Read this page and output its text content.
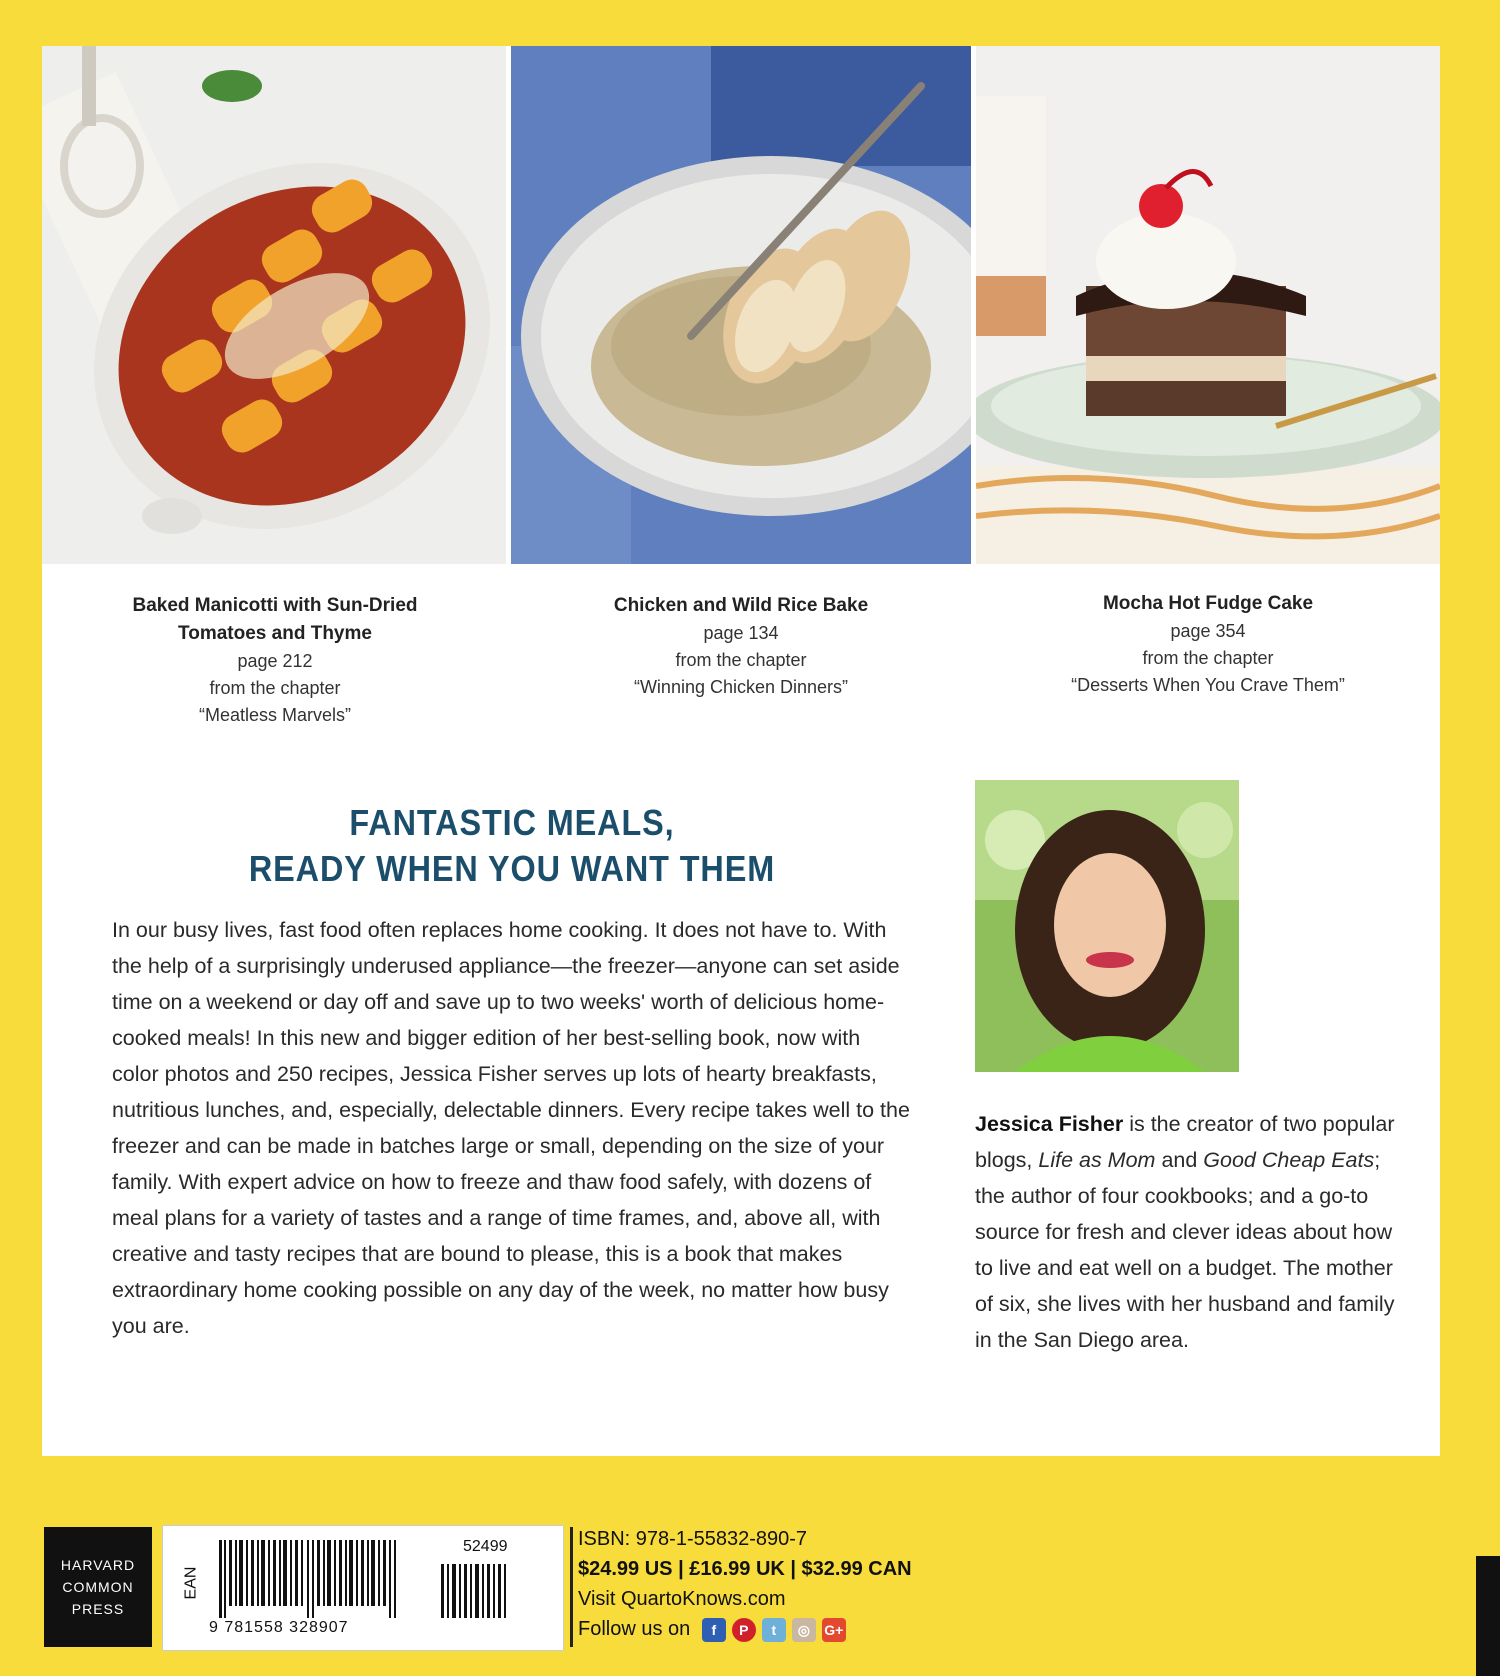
Baked Manicotti with Sun-Dried
Tomatoes and Thyme
page 212
from the chapter
“Meatless Marvels”
Chicken and Wild Rice Bake
page 134
from the chapter
“Winning Chicken Dinners”
Mocha Hot Fudge Cake
page 354
from the chapter
“Desserts When You Crave Them”
FANTASTIC MEALS,
READY WHEN YOU WANT THEM

In our busy lives, fast food often replaces home cooking. It does not have to. With the help of a surprisingly underused appliance—the freezer—anyone can set aside time on a weekend or day off and save up to two weeks' worth of delicious home-cooked meals! In this new and bigger edition of her best-selling book, now with color photos and 250 recipes, Jessica Fisher serves up lots of hearty breakfasts, nutritious lunches, and, especially, delectable dinners. Every recipe takes well to the freezer and can be made in batches large or small, depending on the size of your family. With expert advice on how to freeze and thaw food safely, with dozens of meal plans for a variety of tastes and a range of time frames, and, above all, with creative and tasty recipes that are bound to please, this is a book that makes extraordinary home cooking possible on any day of the week, no matter how busy you are.

Jessica Fisher is the creator of two popular blogs, Life as Mom and Good Cheap Eats; the author of four cookbooks; and a go-to source for fresh and clever ideas about how to live and eat well on a budget. The mother of six, she lives with her husband and family in the San Diego area.
HARVARD
COMMON
PRESS
EAN
9 781558 328907
52499	ISBN: 978-1-55832-890-7
$24.99 US | £16.99 UK | $32.99 CAN
Visit QuartoKnows.com
Follow us on	f	P	t	◎	G+
